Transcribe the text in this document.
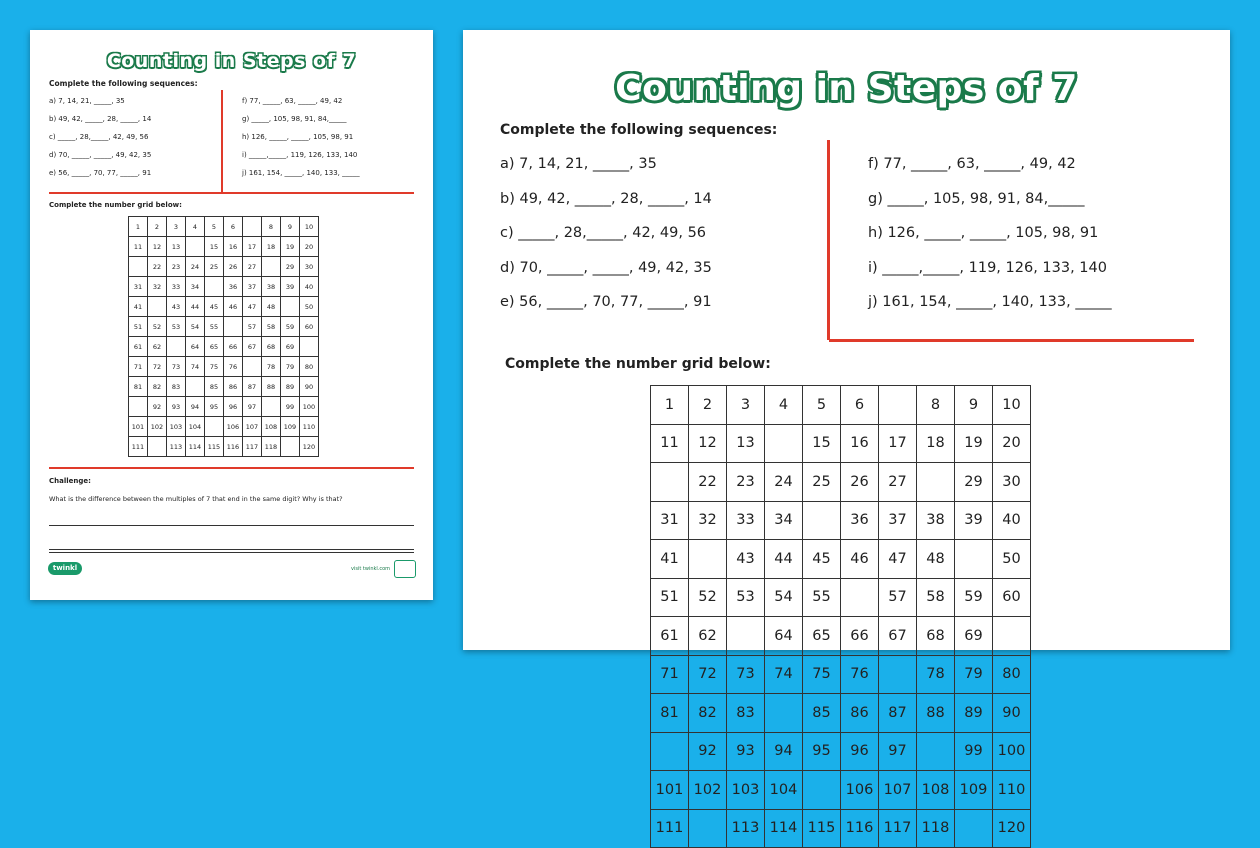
Counting in Steps of 7
Complete the following sequences:
a) 7, 14, 21, _____, 35
b) 49, 42, _____, 28, _____, 14
c) _____, 28,_____, 42, 49, 56
d) 70, _____, _____, 49, 42, 35
e) 56, _____, 70, 77, _____, 91
f) 77, _____, 63, _____, 49, 42
g) _____, 105, 98, 91, 84,_____
h) 126, _____, _____, 105, 98, 91
i) _____,_____, 119, 126, 133, 140
j) 161, 154, _____, 140, 133, _____
Complete the number grid below:
1	2	3	4	5	6		8	9	10
11	12	13		15	16	17	18	19	20
	22	23	24	25	26	27		29	30
31	32	33	34		36	37	38	39	40
41		43	44	45	46	47	48		50
51	52	53	54	55		57	58	59	60
61	62		64	65	66	67	68	69	
71	72	73	74	75	76		78	79	80
81	82	83		85	86	87	88	89	90
	92	93	94	95	96	97		99	100
101	102	103	104		106	107	108	109	110
111		113	114	115	116	117	118		120
Challenge:
What is the difference between the multiples of 7 that end in the same digit? Why is that?
twinkl	visit twinkl.com
Counting in Steps of 7
Complete the following sequences:
a) 7, 14, 21, _____, 35
b) 49, 42, _____, 28, _____, 14
c) _____, 28,_____, 42, 49, 56
d) 70, _____, _____, 49, 42, 35
e) 56, _____, 70, 77, _____, 91
f) 77, _____, 63, _____, 49, 42
g) _____, 105, 98, 91, 84,_____
h) 126, _____, _____, 105, 98, 91
i) _____,_____, 119, 126, 133, 140
j) 161, 154, _____, 140, 133, _____
Complete the number grid below:
1	2	3	4	5	6		8	9	10
11	12	13		15	16	17	18	19	20
	22	23	24	25	26	27		29	30
31	32	33	34		36	37	38	39	40
41		43	44	45	46	47	48		50
51	52	53	54	55		57	58	59	60
61	62		64	65	66	67	68	69	
71	72	73	74	75	76		78	79	80
81	82	83		85	86	87	88	89	90
	92	93	94	95	96	97		99	100
101	102	103	104		106	107	108	109	110
111		113	114	115	116	117	118		120
